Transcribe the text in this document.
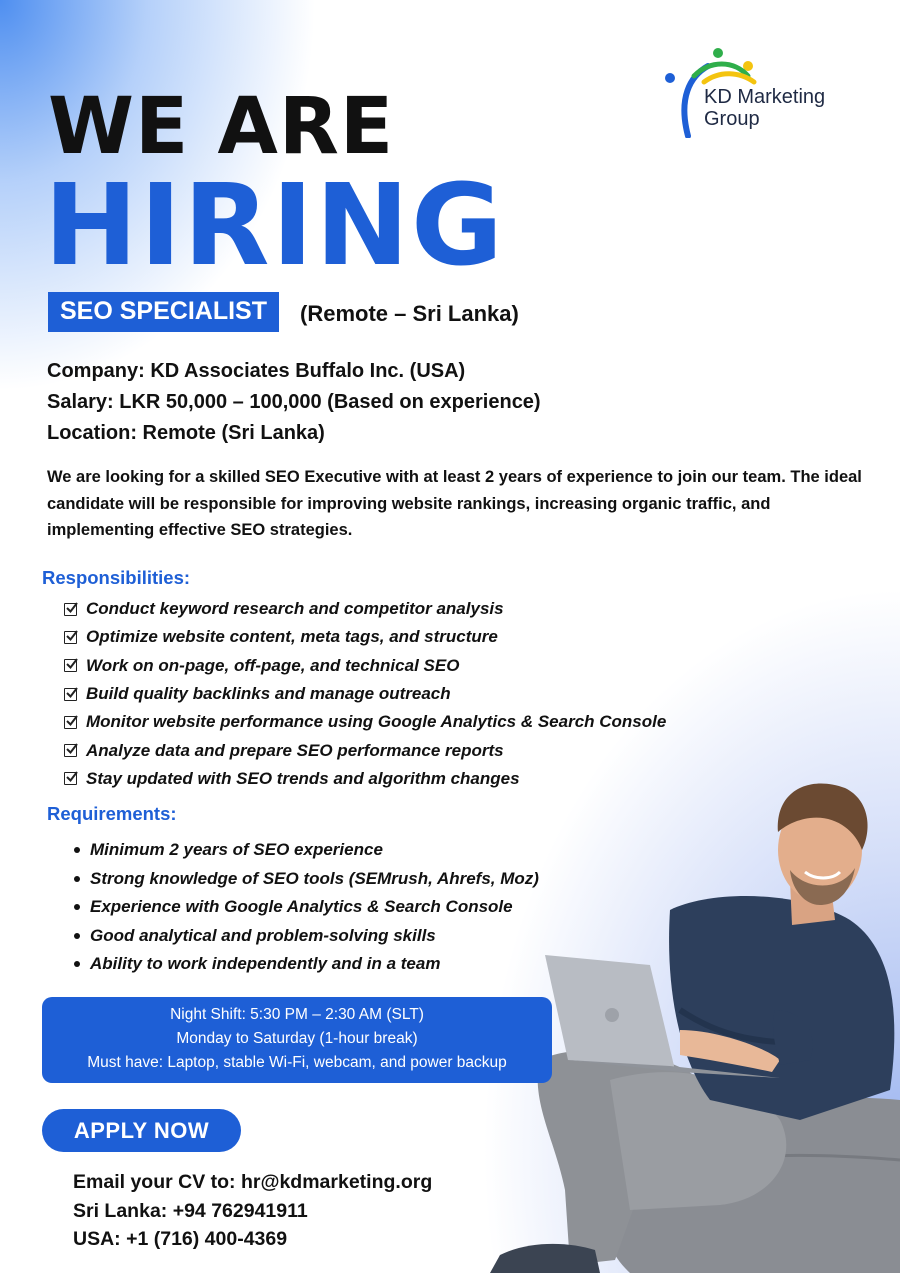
KD Marketing
Group
WE ARE
HIRING
SEO SPECIALIST	(Remote – Sri Lanka)
Company: KD Associates Buffalo Inc. (USA)
Salary: LKR 50,000 – 100,000 (Based on experience)
Location: Remote (Sri Lanka)
We are looking for a skilled SEO Executive with at least 2 years of experience to join our team. The ideal candidate will be responsible for improving website rankings, increasing organic traffic, and implementing effective SEO strategies.
Responsibilities:
Conduct keyword research and competitor analysis
Optimize website content, meta tags, and structure
Work on on-page, off-page, and technical SEO
Build quality backlinks and manage outreach
Monitor website performance using Google Analytics & Search Console
Analyze data and prepare SEO performance reports
Stay updated with SEO trends and algorithm changes
Requirements:
Minimum 2 years of SEO experience
Strong knowledge of SEO tools (SEMrush, Ahrefs, Moz)
Experience with Google Analytics & Search Console
Good analytical and problem-solving skills
Ability to work independently and in a team
Night Shift: 5:30 PM – 2:30 AM (SLT)
Monday to Saturday (1-hour break)
Must have: Laptop, stable Wi-Fi, webcam, and power backup
APPLY NOW
Email your CV to: hr@kdmarketing.org
Sri Lanka: +94 762941911
USA: +1 (716) 400-4369
